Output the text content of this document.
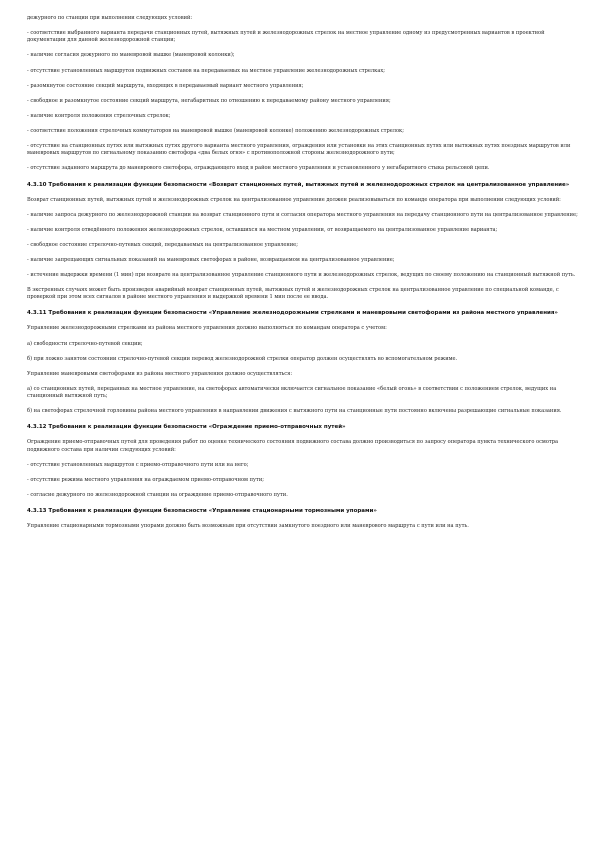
дежурного по станции при выполнении следующих условий:

- соответствие выбранного варианта передачи станционных путей, вытяжных путей и железнодорожных стрелок на местное управление одному из предусмотренных вариантов в проектной документации для данной железнодорожной станции;

- наличие согласия дежурного по маневровой вышке (маневровой колонки);

- отсутствие установленных маршрутов подвижных составов на передаваемых на местное управление железнодорожных стрелках;

- разомкнутое состояние секций маршрута, входящих в передаваемый вариант местного управления;

- свободное и разомкнутое состояние секций маршрута, негабаритных по отношению к передаваемому району местного управления;

- наличие контроля положения стрелочных стрелок;

- соответствие положения стрелочных коммутаторов на маневровой вышке (маневровой колонке) положению железнодорожных стрелок;

- отсутствие на станционных путях или вытяжных путях другого варианта местного управления, ограждения или установки на этих станционных путях или вытяжных путях поездных маршрутов или маневровых маршрутов по сигнальному показанию светофора «два белых огня» с противоположной стороны железнодорожного пути;

- отсутствие заданного маршрута до маневрового светофора, ограждающего вход в район местного управления и установленного у негабаритного стыка рельсовой цепи.

4.3.10 Требования к реализации функции безопасности «Возврат станционных путей, вытяжных путей и железнодорожных стрелок на централизованное управление»

Возврат станционных путей, вытяжных путей и железнодорожных стрелок на централизованное управление должен реализовываться по команде оператора при выполнении следующих условий:

- наличие запроса дежурного по железнодорожной станции на возврат станционного пути и согласия оператора местного управления на передачу станционного пути на централизованное управление;

- наличие контроля отведённого положения железнодорожных стрелок, оставшихся на местном управлении, от возвращаемого на централизованное управление варианта;

- свободное состояние стрелочно-путевых секций, передаваемых на централизованное управление;

- наличие запрещающих сигнальных показаний на маневровых светофорах в районе, возвращаемом на централизованное управление;

- истечение выдержки времени (1 мин) при возврате на централизованное управление станционного пути и железнодорожных стрелок, ведущих по своему положению на станционный вытяжной путь.

В экстренных случаях может быть произведен аварийный возврат станционных путей, вытяжных путей и железнодорожных стрелок на централизованное управление по специальной команде, с проверкой при этом всех сигналов в районе местного управления и выдержкой времени 1 мин после ее ввода.

4.3.11 Требования к реализации функции безопасности «Управление железнодорожными стрелками и маневровыми светофорами из района местного управления»

Управление железнодорожными стрелками из района местного управления должно выполняться по командам оператора с учетом:

а) свободности стрелочно-путевой секции;

б) при ложно занятом состоянии стрелочно-путевой секции перевод железнодорожной стрелки оператор должен осуществлять во вспомогательном режиме.

Управление маневровыми светофорами из района местного управления должно осуществляться:

а) со станционных путей, переданных на местное управление, на светофорах автоматически включается сигнальное показание «белый огонь» в соответствии с положением стрелок, ведущих на станционный вытяжной путь;

б) на светофорах стрелочной горловины района местного управления в направлении движения с вытяжного пути на станционные пути постоянно включены разрешающие сигнальные показания.

4.3.12 Требования к реализации функции безопасности «Ограждение приемо-отправочных путей»

Ограждение приемо-отправочных путей для проведения работ по оценке технического состояния подвижного состава должно производиться по запросу оператора пункта технического осмотра подвижного состава при наличии следующих условий:

- отсутствие установленных маршрутов с приемо-отправочного пути или на него;

- отсутствие режима местного управления на ограждаемом приемо-отправочном пути;

- согласие дежурного по железнодорожной станции на ограждение приемо-отправочного пути.

4.3.13 Требования к реализации функции безопасности «Управление стационарными тормозными упорами»

Управление стационарными тормозными упорами должно быть возможным при отсутствии замкнутого поездного или маневрового маршрута с пути или на путь.
